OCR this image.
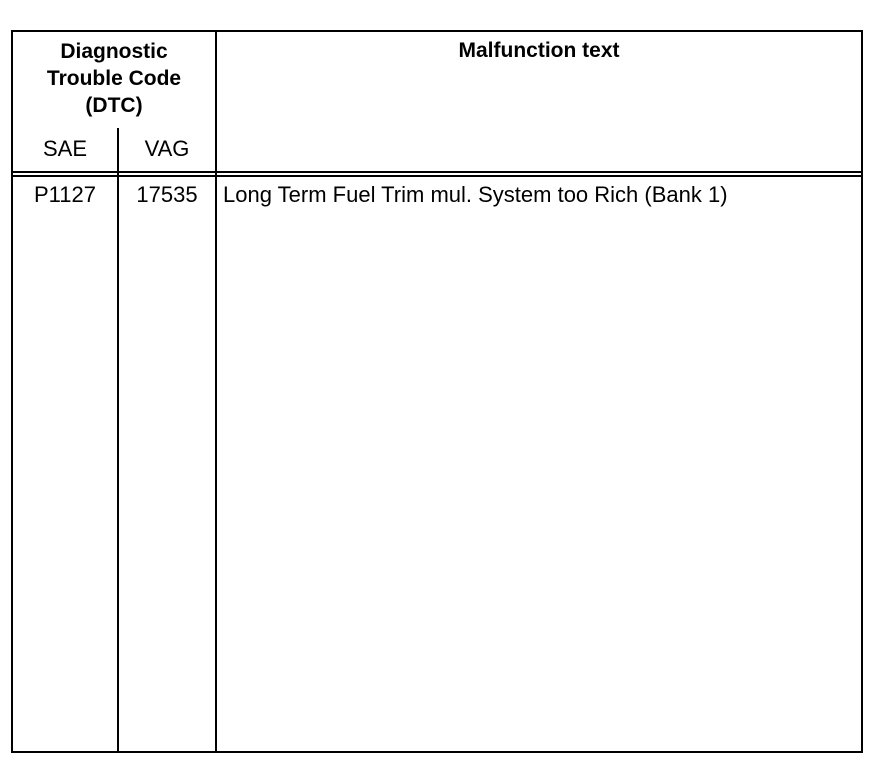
Diagnostic
Trouble Code
(DTC)
Malfunction text
SAE	VAG
P1127	17535	Long Term Fuel Trim mul. System too Rich (Bank 1)
